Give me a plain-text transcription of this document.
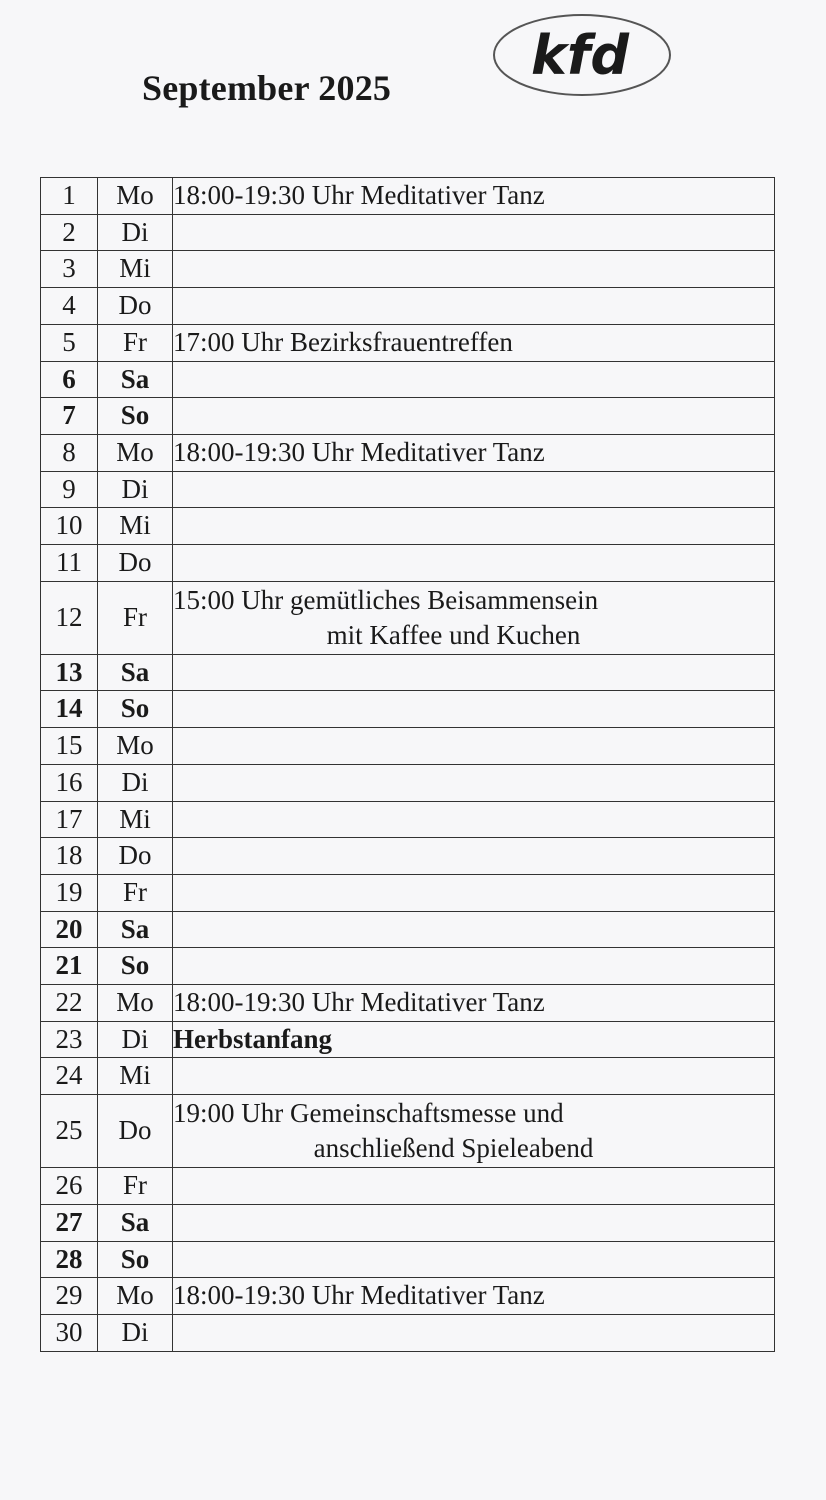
September 2025
kfd
1	Mo	18:00-19:30 Uhr Meditativer Tanz

2	Di	
3	Mi	
4	Do	
5	Fr	17:00 Uhr Bezirksfrauentreffen

6	Sa	
7	So	
8	Mo	18:00-19:30 Uhr Meditativer Tanz

9	Di	
10	Mi	
11	Do	
12	Fr	15:00 Uhr gemütliches Beisammensein
mit Kaffee und Kuchen

13	Sa	
14	So	
15	Mo	
16	Di	
17	Mi	
18	Do	
19	Fr	
20	Sa	
21	So	
22	Mo	18:00-19:30 Uhr Meditativer Tanz

23	Di	Herbstanfang

24	Mi	
25	Do	19:00 Uhr Gemeinschaftsmesse und
anschließend Spieleabend

26	Fr	
27	Sa	
28	So	
29	Mo	18:00-19:30 Uhr Meditativer Tanz

30	Di	
